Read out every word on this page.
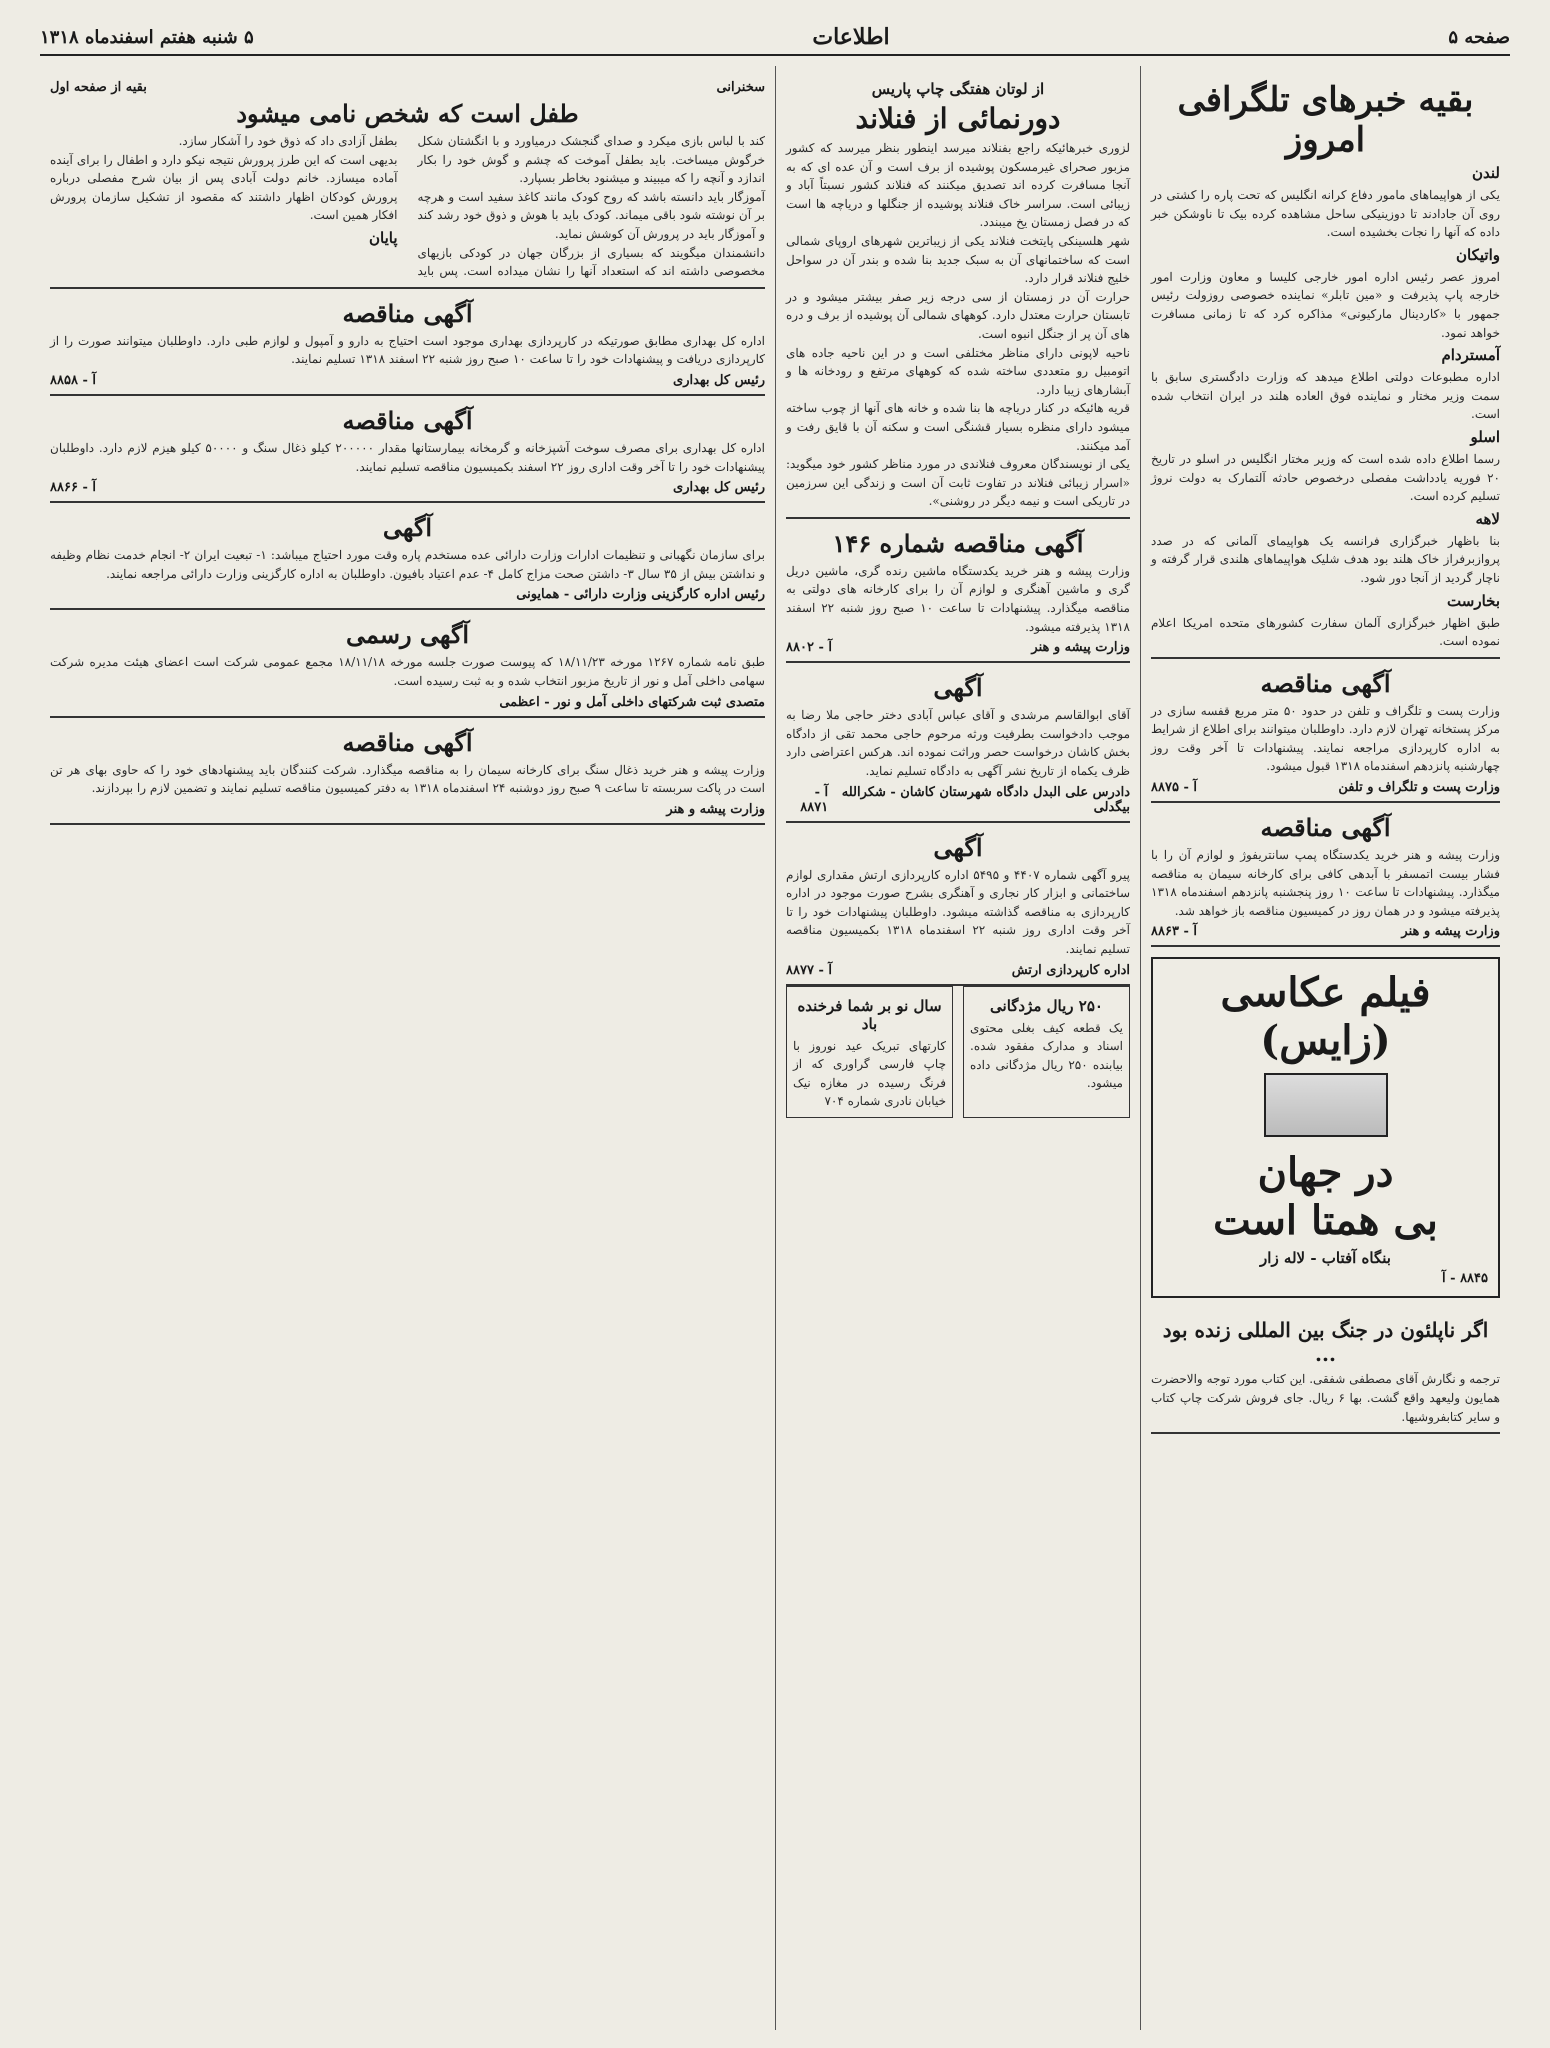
صفحه ۵
اطلاعات
۵ شنبه هفتم اسفندماه ۱۳۱۸
بقیه خبرهای تلگرافی امروز
لندن
یکی از هواپیماهای مامور دفاع کرانه انگلیس که تحت پاره را کشتی در روی آن جادادند تا دوزینیکی ساحل مشاهده کرده بیک تا ناوشکن خبر داده که آنها را نجات بخشیده است.
واتیکان
امروز عصر رئیس اداره امور خارجی کلیسا و معاون وزارت امور خارجه پاپ پذیرفت و «مین تابلر» نماینده خصوصی روزولت رئیس جمهور با «کاردینال مارکیونی» مذاکره کرد که تا زمانی مسافرت خواهد نمود.
آمستردام
اداره مطبوعات دولتی اطلاع میدهد که وزارت دادگستری سابق با سمت وزیر مختار و نماینده فوق العاده هلند در ایران انتخاب شده است.
اسلو
رسما اطلاع داده شده است که وزیر مختار انگلیس در اسلو در تاریخ ۲۰ فوریه یادداشت مفصلی درخصوص حادثه آلتمارک به دولت نروژ تسلیم کرده است.
لاهه
بنا باظهار خبرگزاری فرانسه یک هواپیمای آلمانی که در صدد پروازبرفراز خاک هلند بود هدف شلیک هواپیماهای هلندی قرار گرفته و ناچار گردید از آنجا دور شود.
بخارست
طبق اظهار خبرگزاری آلمان سفارت کشورهای متحده امریکا اعلام نموده است.
آگهی مناقصه
وزارت پست و تلگراف و تلفن در حدود ۵۰ متر مربع قفسه سازی در مرکز پستخانه تهران لازم دارد. داوطلبان میتوانند برای اطلاع از شرایط به اداره کارپردازی مراجعه نمایند. پیشنهادات تا آخر وقت روز چهارشنبه پانزدهم اسفندماه ۱۳۱۸ قبول میشود.
وزارت پست و تلگراف و تلفن
آ - ۸۸۷۵
آگهی مناقصه
وزارت پیشه و هنر خرید یکدستگاه پمپ سانتریفوژ و لوازم آن را با فشار بیست اتمسفر با آبدهی کافی برای کارخانه سیمان به مناقصه میگذارد. پیشنهادات تا ساعت ۱۰ روز پنجشنبه پانزدهم اسفندماه ۱۳۱۸ پذیرفته میشود و در همان روز در کمیسیون مناقصه باز خواهد شد.
وزارت پیشه و هنر
آ - ۸۸۶۳
فیلم عکاسی (زایس)
در جهان
بی همتا است
بنگاه آفتاب - لاله زار
۸۸۴۵ - آ
اگر ناپلئون در جنگ بین المللی زنده بود ...
ترجمه و نگارش آقای مصطفی شفقی. این کتاب مورد توجه والاحضرت همایون ولیعهد واقع گشت. بها ۶ ریال. جای فروش شرکت چاپ کتاب و سایر کتابفروشیها.
از لوتان هفتگی چاپ پاریس
دورنمائی از فنلاند
لزوری خبرهائیکه راجع بفنلاند میرسد اینطور بنظر میرسد که کشور مزبور صحرای غیرمسکون پوشیده از برف است و آن عده ای که به آنجا مسافرت کرده اند تصدیق میکنند که فنلاند کشور نسبتاً آباد و زیبائی است. سراسر خاک فنلاند پوشیده از جنگلها و دریاچه ها است که در فصل زمستان یخ میبندد.
شهر هلسینکی پایتخت فنلاند یکی از زیباترین شهرهای اروپای شمالی است که ساختمانهای آن به سبک جدید بنا شده و بندر آن در سواحل خلیج فنلاند قرار دارد.
حرارت آن در زمستان از سی درجه زیر صفر بیشتر میشود و در تابستان حرارت معتدل دارد. کوههای شمالی آن پوشیده از برف و دره های آن پر از جنگل انبوه است.
ناحیه لاپونی دارای مناظر مختلفی است و در این ناحیه جاده های اتومبیل رو متعددی ساخته شده که کوههای مرتفع و رودخانه ها و آبشارهای زیبا دارد.
قریه هائیکه در کنار دریاچه ها بنا شده و خانه های آنها از چوب ساخته میشود دارای منظره بسیار قشنگی است و سکنه آن با قایق رفت و آمد میکنند.
یکی از نویسندگان معروف فنلاندی در مورد مناظر کشور خود میگوید: «اسرار زیبائی فنلاند در تفاوت ثابت آن است و زندگی این سرزمین در تاریکی است و نیمه دیگر در روشنی».
آگهی مناقصه شماره ۱۴۶
وزارت پیشه و هنر خرید یکدستگاه ماشین رنده گری، ماشین دریل گری و ماشین آهنگری و لوازم آن را برای کارخانه های دولتی به مناقصه میگذارد. پیشنهادات تا ساعت ۱۰ صبح روز شنبه ۲۲ اسفند ۱۳۱۸ پذیرفته میشود.
وزارت پیشه و هنر
آ - ۸۸۰۲
آگهی
آقای ابوالقاسم مرشدی و آقای عباس آبادی دختر حاجی ملا رضا به موجب دادخواست بطرفیت ورثه مرحوم حاجی محمد تقی از دادگاه بخش کاشان درخواست حصر وراثت نموده اند. هرکس اعتراضی دارد ظرف یکماه از تاریخ نشر آگهی به دادگاه تسلیم نماید.
دادرس علی البدل دادگاه شهرستان کاشان - شکرالله بیگدلی
آ - ۸۸۷۱
آگهی
پیرو آگهی شماره ۴۴۰۷ و ۵۴۹۵ اداره کارپردازی ارتش مقداری لوازم ساختمانی و ابزار کار نجاری و آهنگری بشرح صورت موجود در اداره کارپردازی به مناقصه گذاشته میشود. داوطلبان پیشنهادات خود را تا آخر وقت اداری روز شنبه ۲۲ اسفندماه ۱۳۱۸ بکمیسیون مناقصه تسلیم نمایند.
اداره کارپردازی ارتش
آ - ۸۸۷۷
۲۵۰ ریال مژدگانی
یک قطعه کیف بغلی محتوی اسناد و مدارک مفقود شده. بیابنده ۲۵۰ ریال مژدگانی داده میشود.
سال نو بر شما فرخنده باد
کارتهای تبریک عید نوروز با چاپ فارسی گراوری که از فرنگ رسیده در مغازه نیک خیابان نادری شماره ۷۰۴
سخنرانی
بقیه از صفحه اول
طفل است که شخص نامی میشود
کند با لباس بازی میکرد و صدای گنجشک درمیاورد و با انگشتان شکل خرگوش میساخت. باید بطفل آموخت که چشم و گوش خود را بکار اندازد و آنچه را که میبیند و میشنود بخاطر بسپارد.
آموزگار باید دانسته باشد که روح کودک مانند کاغذ سفید است و هرچه بر آن نوشته شود باقی میماند. کودک باید با هوش و ذوق خود رشد کند و آموزگار باید در پرورش آن کوشش نماید.
دانشمندان میگویند که بسیاری از بزرگان جهان در کودکی بازیهای مخصوصی داشته اند که استعداد آنها را نشان میداده است. پس باید بطفل آزادی داد که ذوق خود را آشکار سازد.
بدیهی است که این طرز پرورش نتیجه نیکو دارد و اطفال را برای آینده آماده میسازد. خانم دولت آبادی پس از بیان شرح مفصلی درباره پرورش کودکان اظهار داشتند که مقصود از تشکیل سازمان پرورش افکار همین است.
پایان
آگهی مناقصه
اداره کل بهداری مطابق صورتیکه در کارپردازی بهداری موجود است احتیاج به دارو و آمپول و لوازم طبی دارد. داوطلبان میتوانند صورت را از کارپردازی دریافت و پیشنهادات خود را تا ساعت ۱۰ صبح روز شنبه ۲۲ اسفند ۱۳۱۸ تسلیم نمایند.
رئیس کل بهداری
آ - ۸۸۵۸
آگهی مناقصه
اداره کل بهداری برای مصرف سوخت آشپزخانه و گرمخانه بیمارستانها مقدار ۲۰۰۰۰۰ کیلو ذغال سنگ و ۵۰۰۰۰ کیلو هیزم لازم دارد. داوطلبان پیشنهادات خود را تا آخر وقت اداری روز ۲۲ اسفند بکمیسیون مناقصه تسلیم نمایند.
رئیس کل بهداری
آ - ۸۸۶۶
آگهی
برای سازمان نگهبانی و تنظیمات ادارات وزارت دارائی عده مستخدم پاره وقت مورد احتیاج میباشد: ۱- تبعیت ایران ۲- انجام خدمت نظام وظیفه و نداشتن بیش از ۳۵ سال ۳- داشتن صحت مزاج کامل ۴- عدم اعتیاد بافیون. داوطلبان به اداره کارگزینی وزارت دارائی مراجعه نمایند.
رئیس اداره کارگزینی وزارت دارائی - همایونی
آگهی رسمی
طبق نامه شماره ۱۲۶۷ مورخه ۱۸/۱۱/۲۳ که پیوست صورت جلسه مورخه ۱۸/۱۱/۱۸ مجمع عمومی شرکت است اعضای هیئت مدیره شرکت سهامی داخلی آمل و نور از تاریخ مزبور انتخاب شده و به ثبت رسیده است.
متصدی ثبت شرکتهای داخلی آمل و نور - اعظمی
آگهی مناقصه
وزارت پیشه و هنر خرید ذغال سنگ برای کارخانه سیمان را به مناقصه میگذارد. شرکت کنندگان باید پیشنهادهای خود را که حاوی بهای هر تن است در پاکت سربسته تا ساعت ۹ صبح روز دوشنبه ۲۴ اسفندماه ۱۳۱۸ به دفتر کمیسیون مناقصه تسلیم نمایند و تضمین لازم را بپردازند.
وزارت پیشه و هنر
